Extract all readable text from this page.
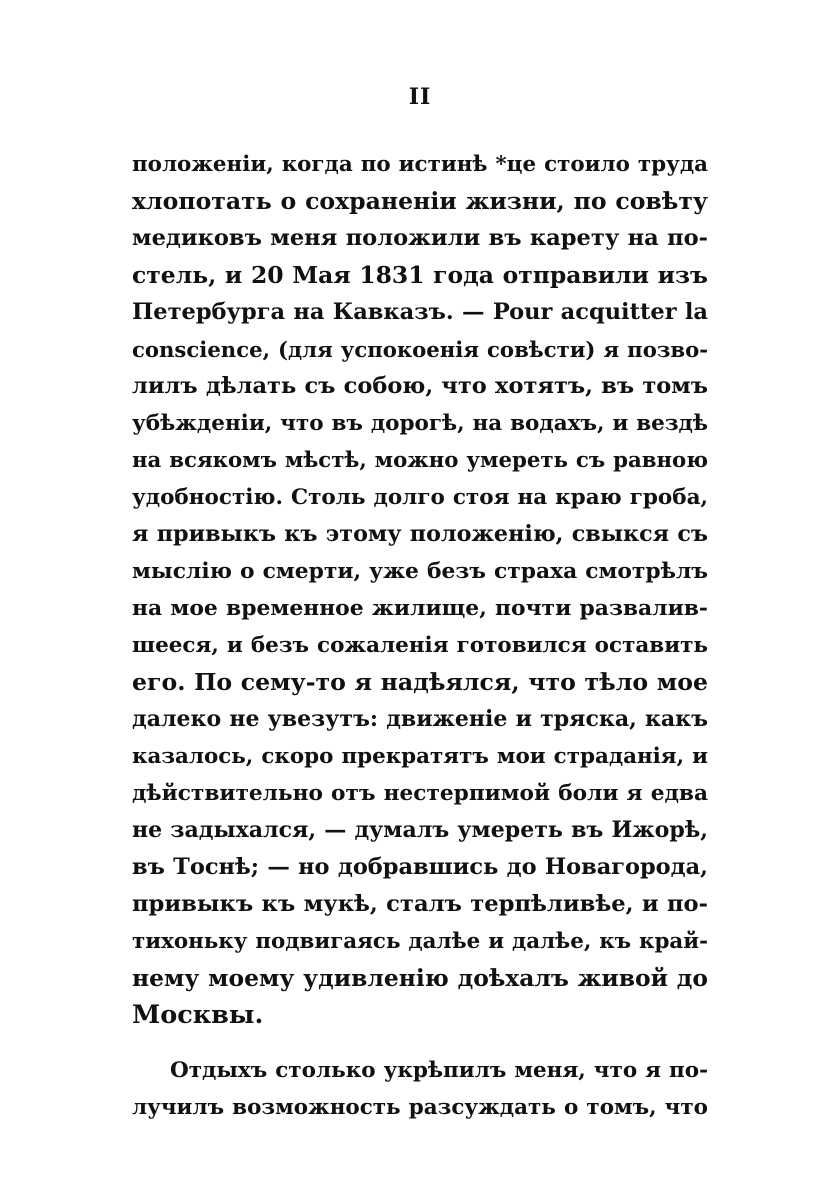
II
положеніи, когда по истинѣ *це стоило труда
хлопотать о сохраненіи жизни, по совѣту
медиковъ меня положили въ карету на по-
стель, и 20 Мая 1831 года отправили изъ
Петербурга на Кавказъ. — Pour acquitter la
conscience, (для успокоенія совѣсти) я позво-
лилъ дѣлать съ собою, что хотятъ, въ томъ
убѣжденіи, что въ дорогѣ, на водахъ, и вездѣ
на всякомъ мѣстѣ, можно умереть съ равною
удобностію. Столь долго стоя на краю гроба,
я привыкъ къ этому положенію, свыкся съ
мыслію о смерти, уже безъ страха смотрѣлъ
на мое временное жилище, почти развалив-
шееся, и безъ сожаленія готовился оставить
его. По сему-то я надѣялся, что тѣло мое
далеко не увезутъ: движеніе и тряска, какъ
казалось, скоро прекратятъ мои страданія, и
дѣйствительно отъ нестерпимой боли я едва
не задыхался, — думалъ умереть въ Ижорѣ,
въ Тоснѣ; — но добравшись до Новагорода,
привыкъ къ мукѣ, сталъ терпѣливѣе, и по-
тихоньку подвигаясь далѣе и далѣе, къ край-
нему моему удивленію доѣхалъ живой до
Москвы.
Отдыхъ столько укрѣпилъ меня, что я по-
лучилъ возможность разсуждать о томъ, что
